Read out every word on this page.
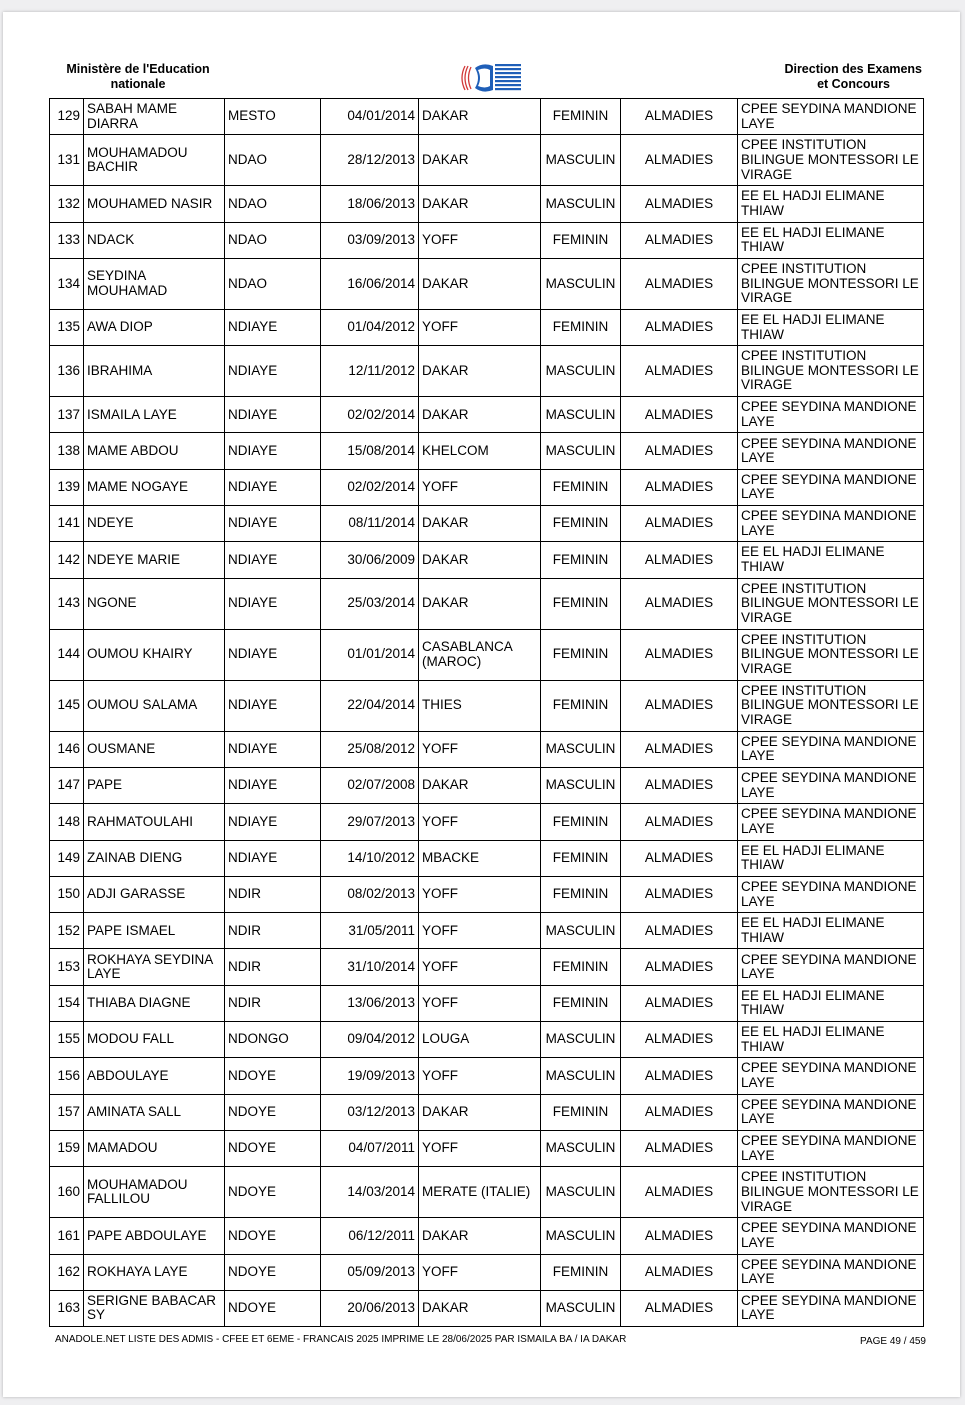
Ministère de l'Education
nationale
Direction des Examens

et Concours
129	SABAH MAME DIARRA	MESTO	04/01/2014	DAKAR	FEMININ	ALMADIES	CPEE SEYDINA MANDIONE LAYE
131	MOUHAMADOU BACHIR	NDAO	28/12/2013	DAKAR	MASCULIN	ALMADIES	CPEE INSTITUTION BILINGUE MONTESSORI LE VIRAGE
132	MOUHAMED NASIR	NDAO	18/06/2013	DAKAR	MASCULIN	ALMADIES	EE EL HADJI ELIMANE THIAW
133	NDACK	NDAO	03/09/2013	YOFF	FEMININ	ALMADIES	EE EL HADJI ELIMANE THIAW
134	SEYDINA MOUHAMAD	NDAO	16/06/2014	DAKAR	MASCULIN	ALMADIES	CPEE INSTITUTION BILINGUE MONTESSORI LE VIRAGE
135	AWA DIOP	NDIAYE	01/04/2012	YOFF	FEMININ	ALMADIES	EE EL HADJI ELIMANE THIAW
136	IBRAHIMA	NDIAYE	12/11/2012	DAKAR	MASCULIN	ALMADIES	CPEE INSTITUTION BILINGUE MONTESSORI LE VIRAGE
137	ISMAILA LAYE	NDIAYE	02/02/2014	DAKAR	MASCULIN	ALMADIES	CPEE SEYDINA MANDIONE LAYE
138	MAME ABDOU	NDIAYE	15/08/2014	KHELCOM	MASCULIN	ALMADIES	CPEE SEYDINA MANDIONE LAYE
139	MAME NOGAYE	NDIAYE	02/02/2014	YOFF	FEMININ	ALMADIES	CPEE SEYDINA MANDIONE LAYE
141	NDEYE	NDIAYE	08/11/2014	DAKAR	FEMININ	ALMADIES	CPEE SEYDINA MANDIONE LAYE
142	NDEYE MARIE	NDIAYE	30/06/2009	DAKAR	FEMININ	ALMADIES	EE EL HADJI ELIMANE THIAW
143	NGONE	NDIAYE	25/03/2014	DAKAR	FEMININ	ALMADIES	CPEE INSTITUTION BILINGUE MONTESSORI LE VIRAGE
144	OUMOU KHAIRY	NDIAYE	01/01/2014	CASABLANCA (MAROC)	FEMININ	ALMADIES	CPEE INSTITUTION BILINGUE MONTESSORI LE VIRAGE
145	OUMOU SALAMA	NDIAYE	22/04/2014	THIES	FEMININ	ALMADIES	CPEE INSTITUTION BILINGUE MONTESSORI LE VIRAGE
146	OUSMANE	NDIAYE	25/08/2012	YOFF	MASCULIN	ALMADIES	CPEE SEYDINA MANDIONE LAYE
147	PAPE	NDIAYE	02/07/2008	DAKAR	MASCULIN	ALMADIES	CPEE SEYDINA MANDIONE LAYE
148	RAHMATOULAHI	NDIAYE	29/07/2013	YOFF	FEMININ	ALMADIES	CPEE SEYDINA MANDIONE LAYE
149	ZAINAB DIENG	NDIAYE	14/10/2012	MBACKE	FEMININ	ALMADIES	EE EL HADJI ELIMANE THIAW
150	ADJI GARASSE	NDIR	08/02/2013	YOFF	FEMININ	ALMADIES	CPEE SEYDINA MANDIONE LAYE
152	PAPE ISMAEL	NDIR	31/05/2011	YOFF	MASCULIN	ALMADIES	EE EL HADJI ELIMANE THIAW
153	ROKHAYA SEYDINA LAYE	NDIR	31/10/2014	YOFF	FEMININ	ALMADIES	CPEE SEYDINA MANDIONE LAYE
154	THIABA DIAGNE	NDIR	13/06/2013	YOFF	FEMININ	ALMADIES	EE EL HADJI ELIMANE THIAW
155	MODOU FALL	NDONGO	09/04/2012	LOUGA	MASCULIN	ALMADIES	EE EL HADJI ELIMANE THIAW
156	ABDOULAYE	NDOYE	19/09/2013	YOFF	MASCULIN	ALMADIES	CPEE SEYDINA MANDIONE LAYE
157	AMINATA SALL	NDOYE	03/12/2013	DAKAR	FEMININ	ALMADIES	CPEE SEYDINA MANDIONE LAYE
159	MAMADOU	NDOYE	04/07/2011	YOFF	MASCULIN	ALMADIES	CPEE SEYDINA MANDIONE LAYE
160	MOUHAMADOU FALLILOU	NDOYE	14/03/2014	MERATE (ITALIE)	MASCULIN	ALMADIES	CPEE INSTITUTION BILINGUE MONTESSORI LE VIRAGE
161	PAPE ABDOULAYE	NDOYE	06/12/2011	DAKAR	MASCULIN	ALMADIES	CPEE SEYDINA MANDIONE LAYE
162	ROKHAYA LAYE	NDOYE	05/09/2013	YOFF	FEMININ	ALMADIES	CPEE SEYDINA MANDIONE LAYE
163	SERIGNE BABACAR SY	NDOYE	20/06/2013	DAKAR	MASCULIN	ALMADIES	CPEE SEYDINA MANDIONE LAYE
ANADOLE.NET LISTE DES ADMIS - CFEE ET 6EME - FRANCAIS 2025 IMPRIME LE 28/06/2025 PAR ISMAILA BA / IA DAKAR	PAGE 49 / 459
